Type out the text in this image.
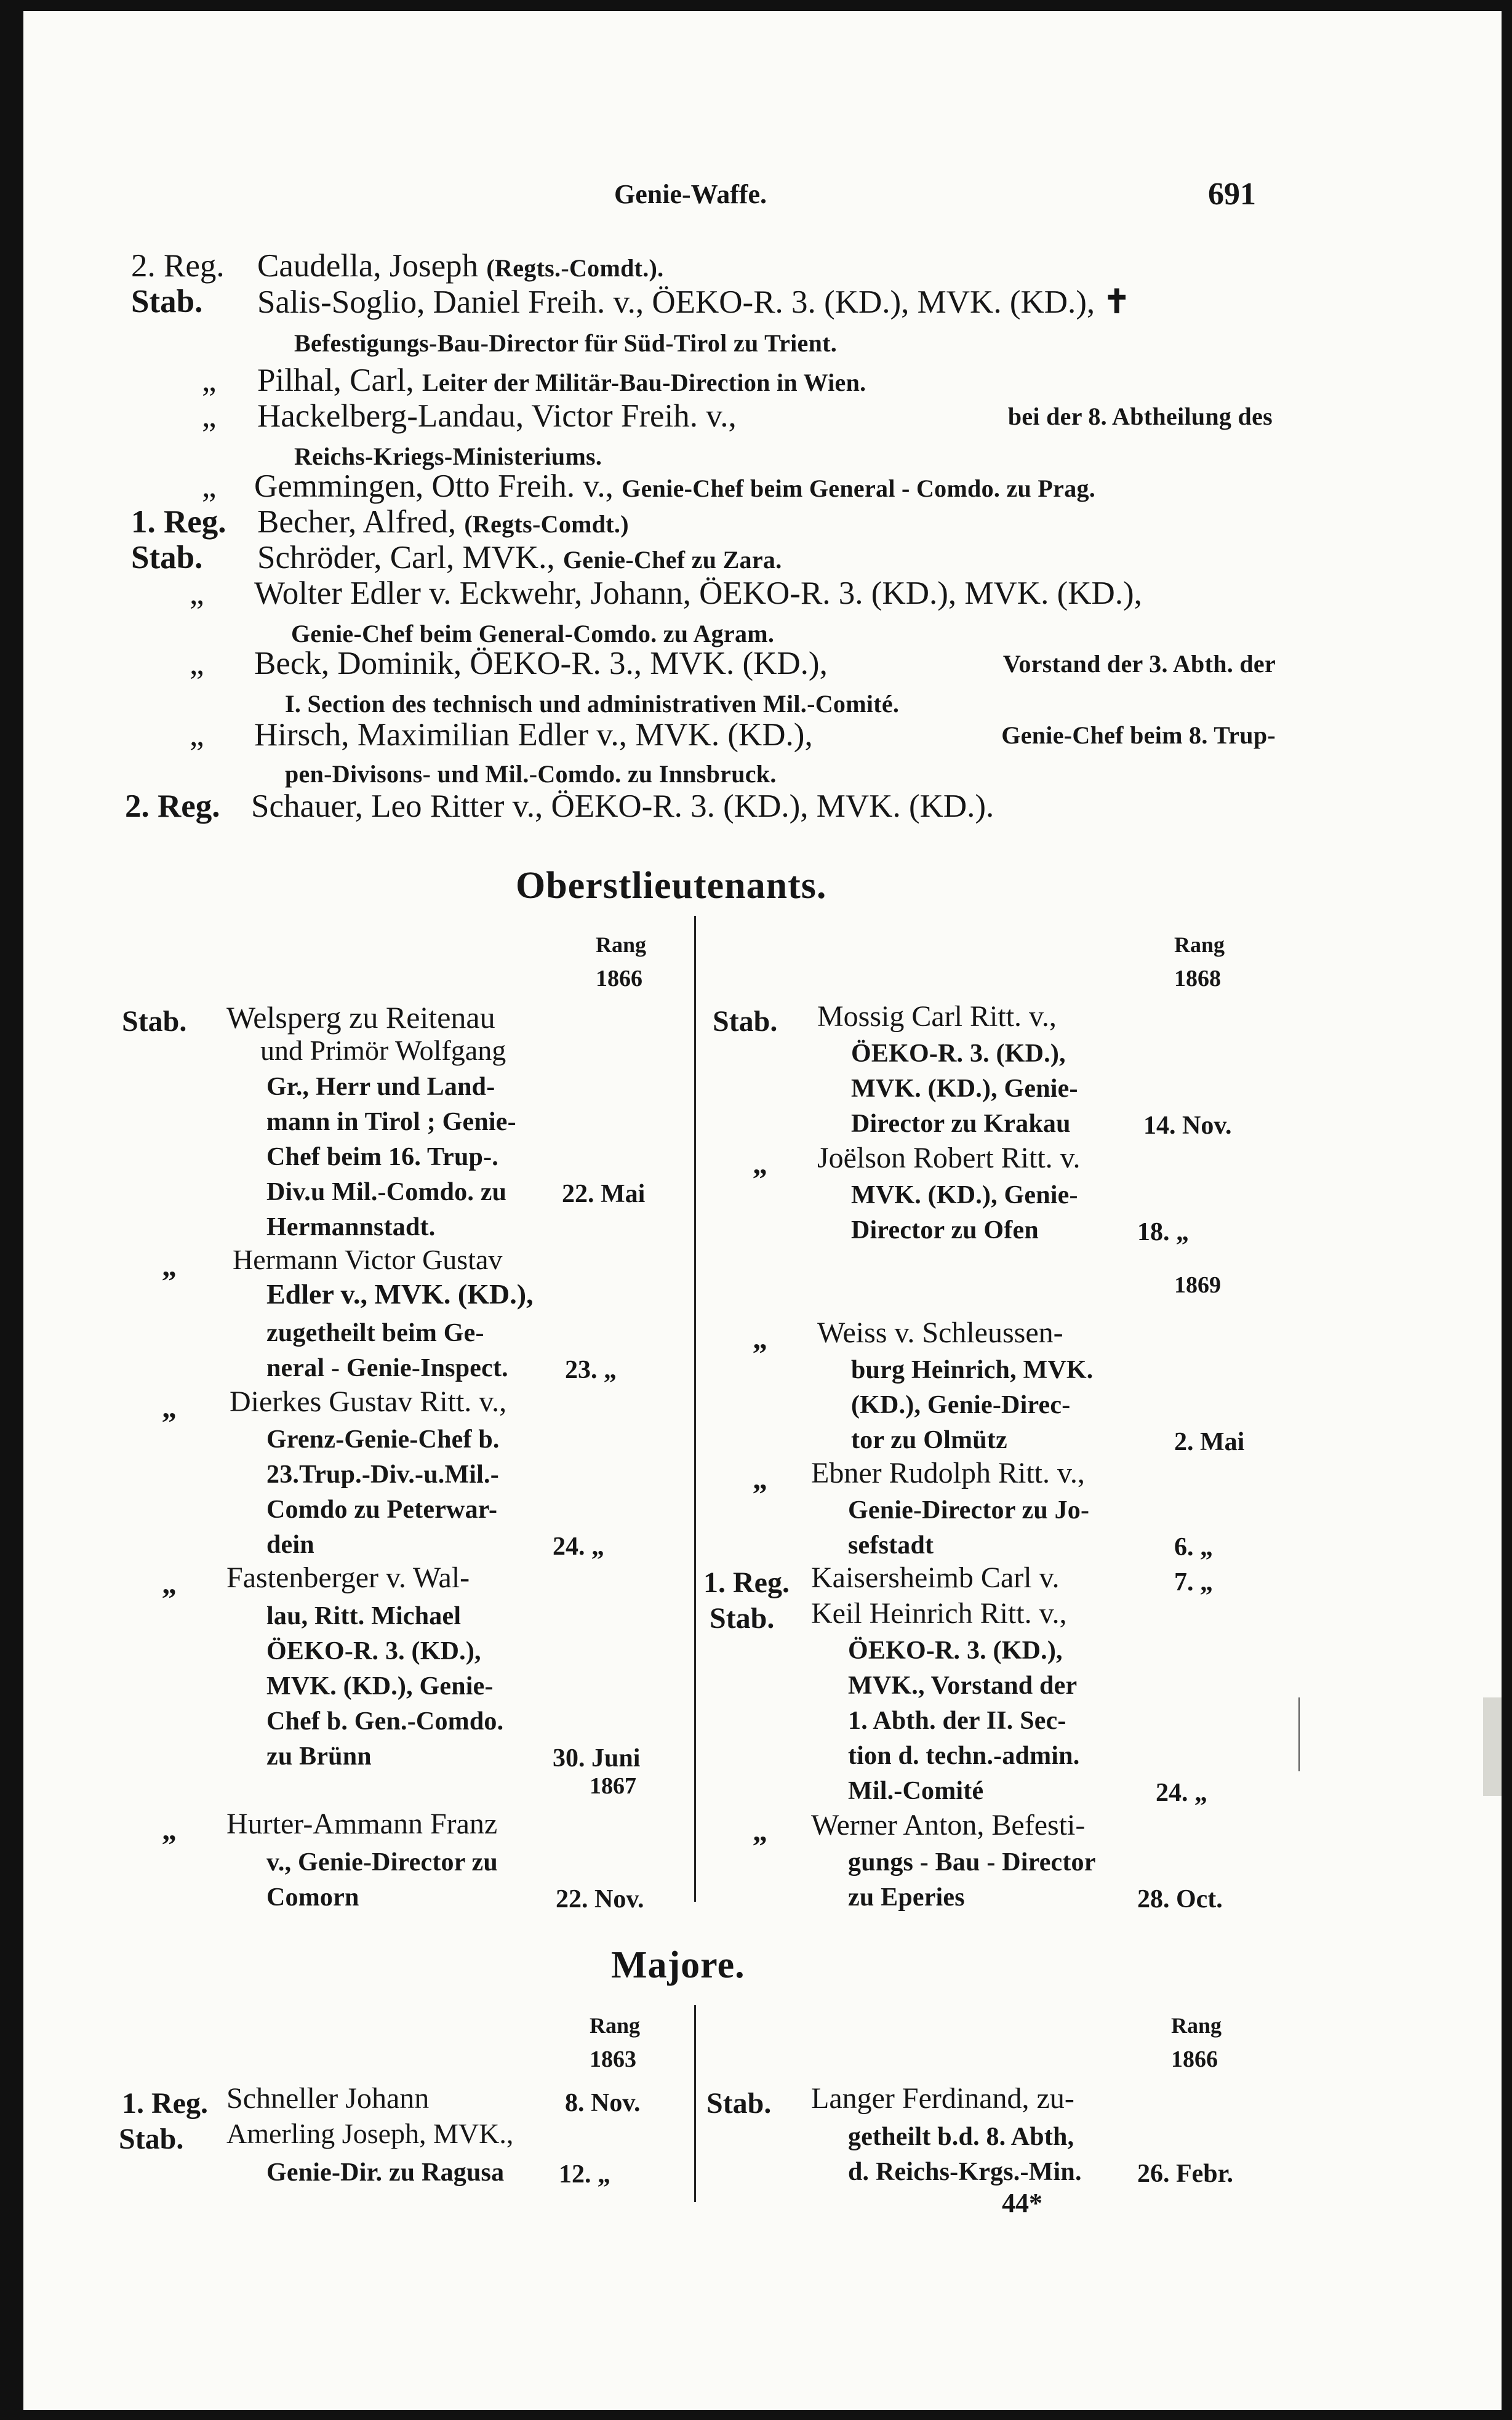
Genie-Waffe.	691
2. Reg. Caudella, Joseph (Regts.-Comdt.).
Stab. Salis-Soglio, Daniel Freih. v., ÖEKO-R. 3. (KD.), MVK. (KD.), ✝
Befestigungs-Bau-Director für Süd-Tirol zu Trient.
„ Pilhal, Carl, Leiter der Militär-Bau-Direction in Wien.
„ Hackelberg-Landau, Victor Freih. v.,	bei der 8. Abtheilung des
Reichs-Kriegs-Ministeriums.
„ Gemmingen, Otto Freih. v., Genie-Chef beim General - Comdo. zu Prag.
1. Reg. Becher, Alfred, (Regts-Comdt.)
Stab. Schröder, Carl, MVK., Genie-Chef zu Zara.
„ Wolter Edler v. Eckwehr, Johann, ÖEKO-R. 3. (KD.), MVK. (KD.),
Genie-Chef beim General-Comdo. zu Agram.
„ Beck, Dominik, ÖEKO-R. 3., MVK. (KD.),	Vorstand der 3. Abth. der
I. Section des technisch und administrativen Mil.-Comité.
„ Hirsch, Maximilian Edler v., MVK. (KD.),	Genie-Chef beim 8. Trup-
pen-Divisons- und Mil.-Comdo. zu Innsbruck.
2. Reg. Schauer, Leo Ritter v., ÖEKO-R. 3. (KD.), MVK. (KD.).
Oberstlieutenants.
Rang
1866
Rang
1868
Stab. Welsperg zu Reitenau
und Primör Wolfgang
Gr., Herr und Land-
mann in Tirol ; Genie-
Chef beim 16. Trup-.
Div.u Mil.-Comdo. zu 22. Mai
Hermannstadt.
„ Hermann Victor Gustav
Edler v., MVK. (KD.),
zugetheilt beim Ge-
neral - Genie-Inspect. 23. „
„ Dierkes Gustav Ritt. v.,
Grenz-Genie-Chef b.
23.Trup.-Div.-u.Mil.-
Comdo zu Peterwar-
dein	24. „
„ Fastenberger v. Wal-
lau, Ritt. Michael
ÖEKO-R. 3. (KD.),
MVK. (KD.), Genie-
Chef b. Gen.-Comdo.
zu Brünn	30. Juni
1867
„ Hurter-Ammann Franz
v., Genie-Director zu
Comorn	22. Nov.
Stab. Mossig Carl Ritt. v.,
ÖEKO-R. 3. (KD.),
MVK. (KD.), Genie-
Director zu Krakau	14. Nov.
„ Joëlson Robert Ritt. v.
MVK. (KD.), Genie-
Director zu Ofen	18. „
1869
„ Weiss v. Schleussen-
burg Heinrich, MVK.
(KD.), Genie-Direc-
tor zu Olmütz	2. Mai
„ Ebner Rudolph Ritt. v.,
Genie-Director zu Jo-
sefstadt	6. „
1. Reg. Kaisersheimb Carl v.	7. „
Stab. Keil Heinrich Ritt. v.,
ÖEKO-R. 3. (KD.),
MVK., Vorstand der
1. Abth. der II. Sec-
tion d. techn.-admin.
Mil.-Comité	24. „
„ Werner Anton, Befesti-
gungs - Bau - Director
zu Eperies	28. Oct.
Majore.
Rang
1863
Rang
1866
1. Reg. Schneller Johann	8. Nov.
Stab. Amerling Joseph, MVK.,
Genie-Dir. zu Ragusa 12. „
Stab. Langer Ferdinand, zu-
getheilt b.d. 8. Abth,
d. Reichs-Krgs.-Min. 26. Febr.
44*
